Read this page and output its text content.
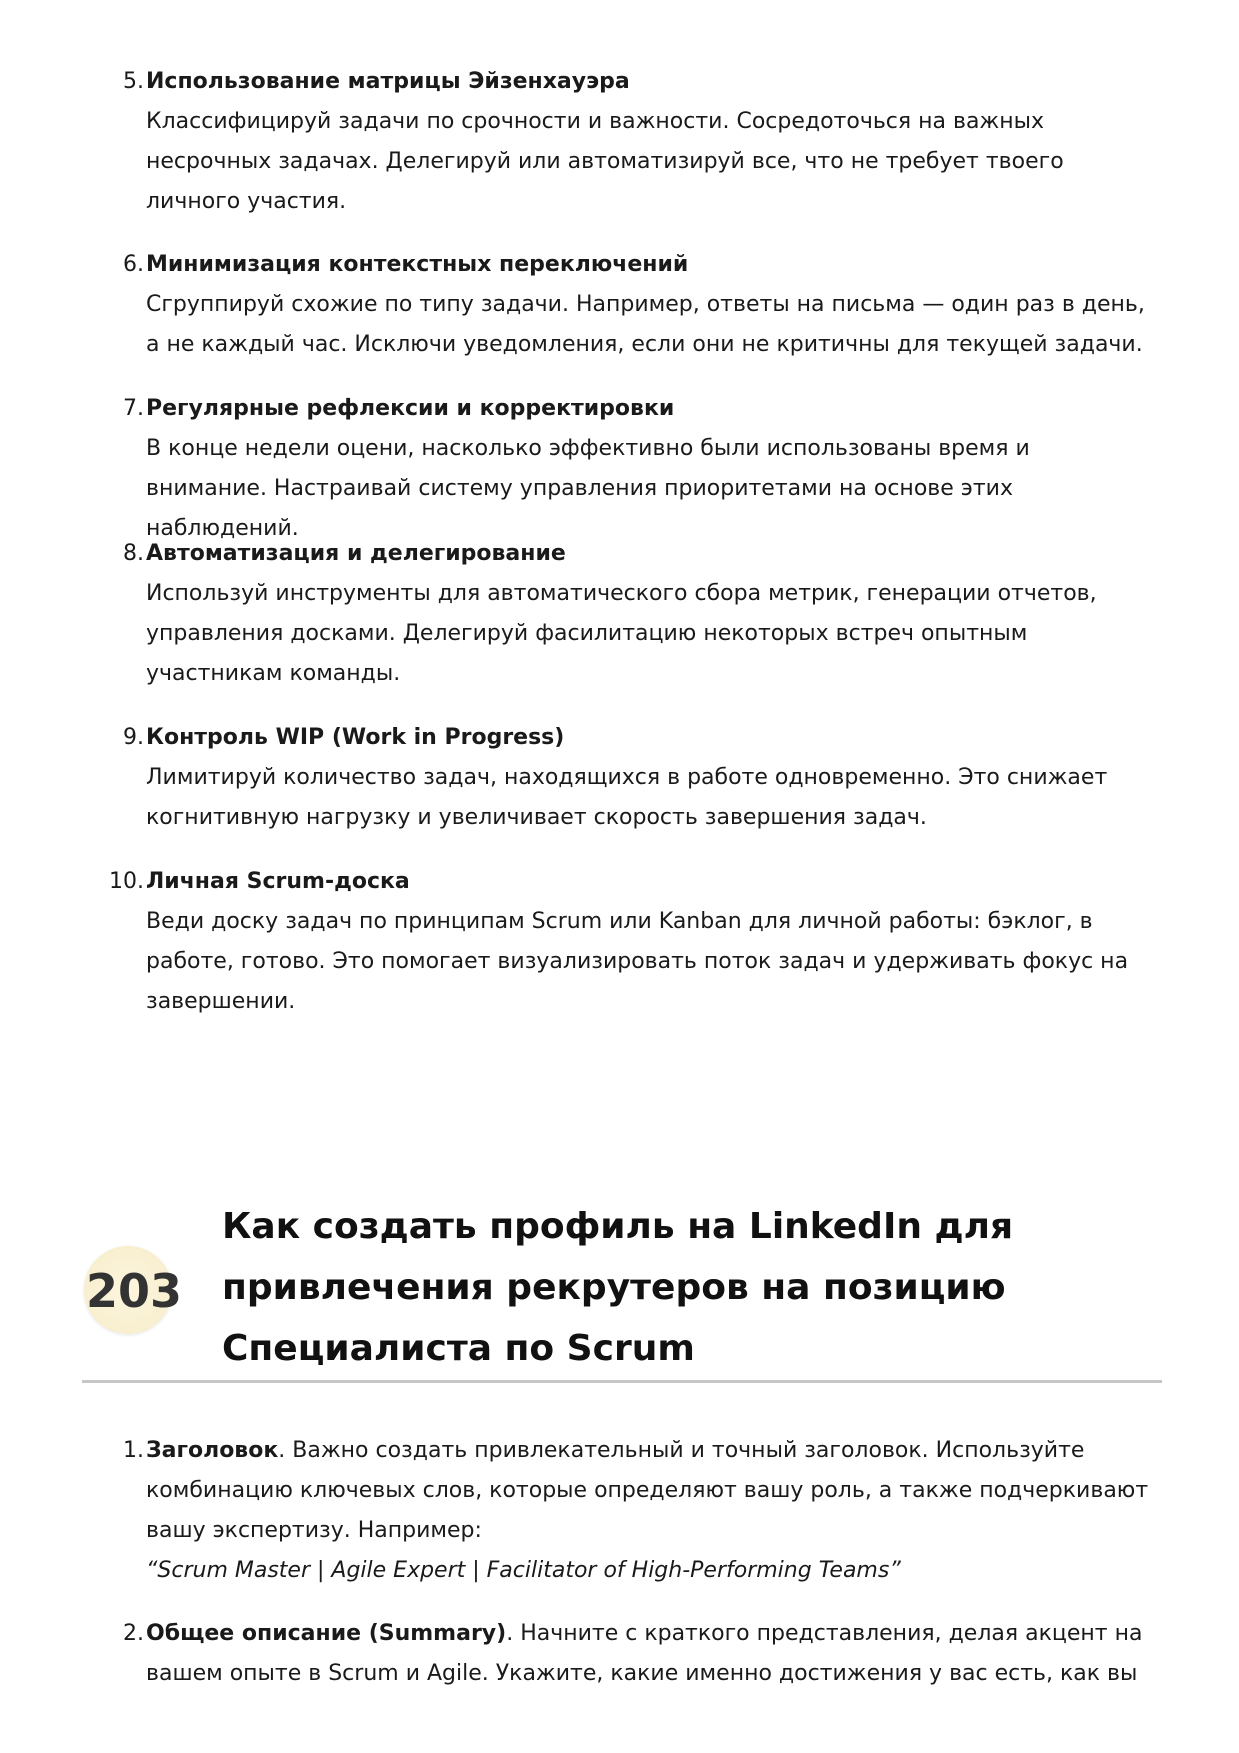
5. Использование матрицы Эйзенхауэра
Классифицируй задачи по срочности и важности. Сосредоточься на важных несрочных задачах. Делегируй или автоматизируй все, что не требует твоего личного участия.
6. Минимизация контекстных переключений
Сгруппируй схожие по типу задачи. Например, ответы на письма — один раз в день, а не каждый час. Исключи уведомления, если они не критичны для текущей задачи.
7. Регулярные рефлексии и корректировки
В конце недели оцени, насколько эффективно были использованы время и внимание. Настраивай систему управления приоритетами на основе этих наблюдений.
8. Автоматизация и делегирование
Используй инструменты для автоматического сбора метрик, генерации отчетов, управления досками. Делегируй фасилитацию некоторых встреч опытным участникам команды.
9. Контроль WIP (Work in Progress)
Лимитируй количество задач, находящихся в работе одновременно. Это снижает когнитивную нагрузку и увеличивает скорость завершения задач.
10. Личная Scrum-доска
Веди доску задач по принципам Scrum или Kanban для личной работы: бэклог, в работе, готово. Это помогает визуализировать поток задач и удерживать фокус на завершении.
203
Как создать профиль на LinkedIn для привлечения рекрутеров на позицию Специалиста по Scrum
1. Заголовок. Важно создать привлекательный и точный заголовок. Используйте комбинацию ключевых слов, которые определяют вашу роль, а также подчеркивают вашу экспертизу. Например:
“Scrum Master | Agile Expert | Facilitator of High-Performing Teams”
2. Общее описание (Summary). Начните с краткого представления, делая акцент на вашем опыте в Scrum и Agile. Укажите, какие именно достижения у вас есть, как вы
